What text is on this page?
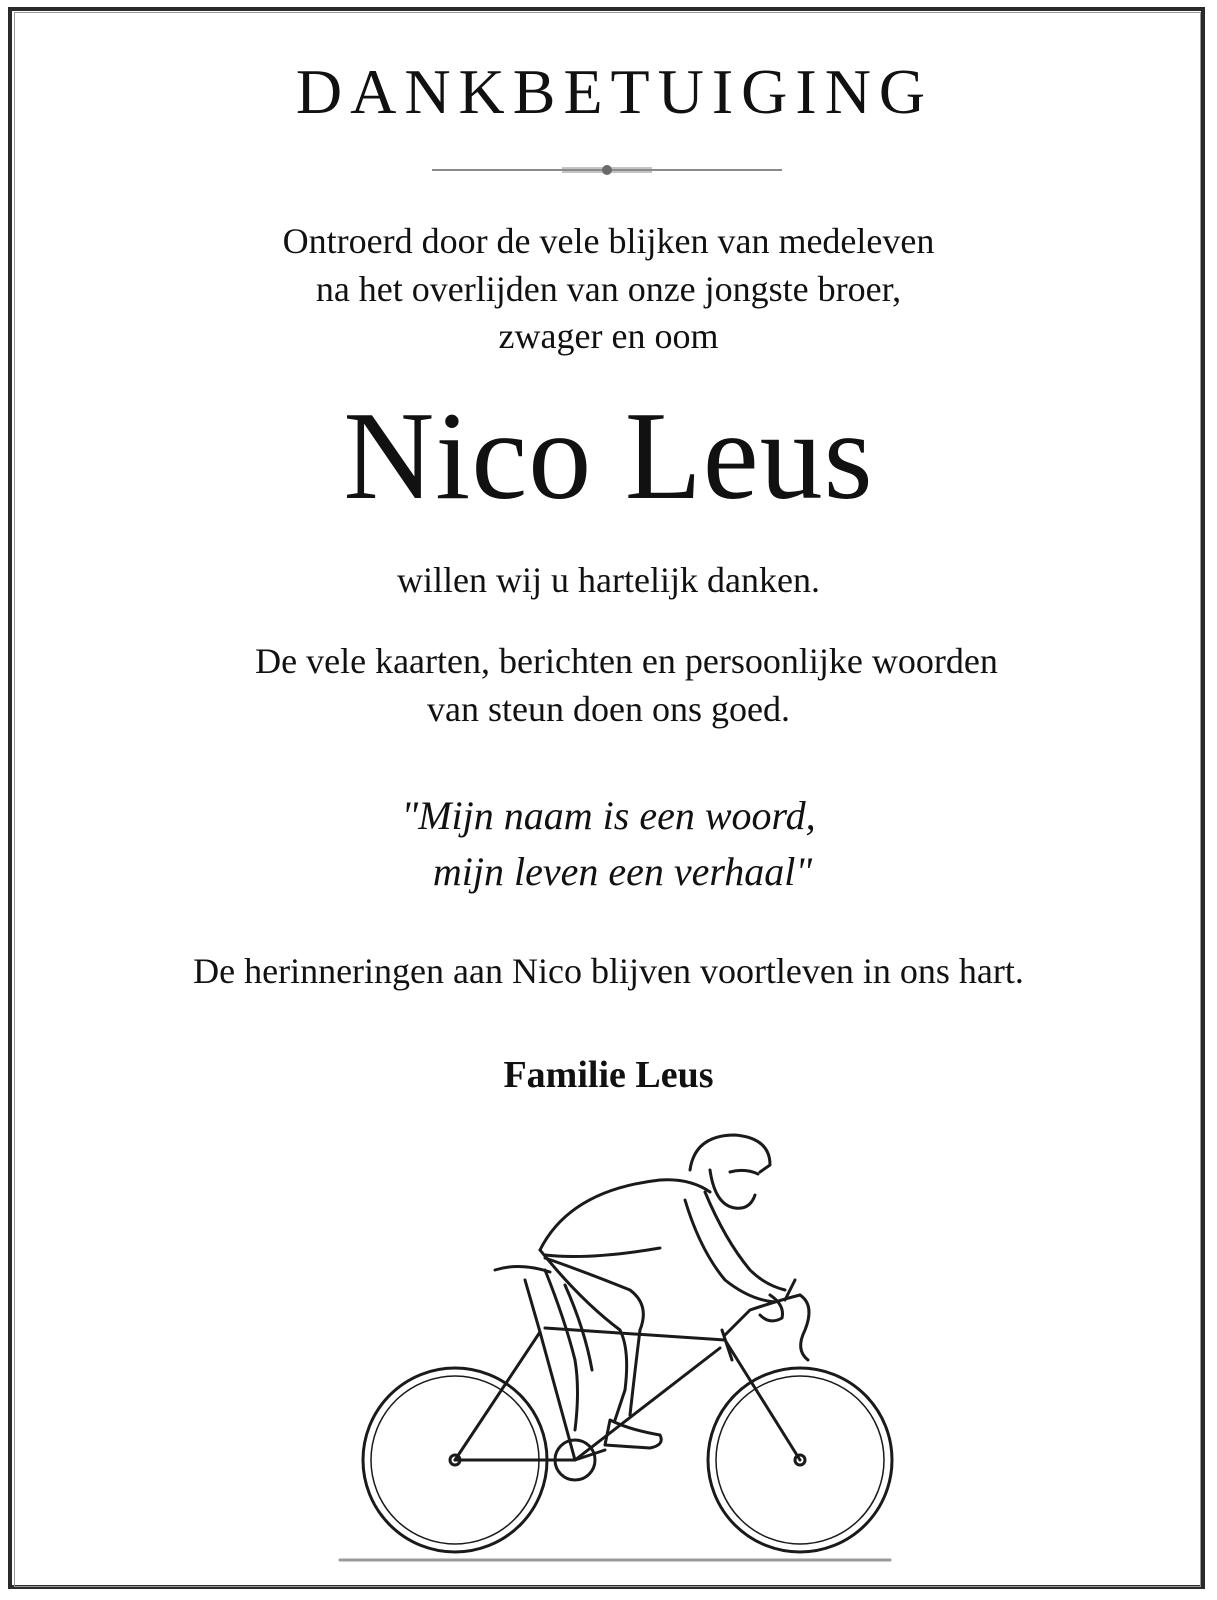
DANKBETUIGING
Ontroerd door de vele blijken van medeleven
na het overlijden van onze jongste broer,
zwager en oom
Nico Leus
willen wij u hartelijk danken.
De vele kaarten, berichten en persoonlijke woorden
van steun doen ons goed.
"Mijn naam is een woord,
mijn leven een verhaal"
De herinneringen aan Nico blijven voortleven in ons hart.
Familie Leus
